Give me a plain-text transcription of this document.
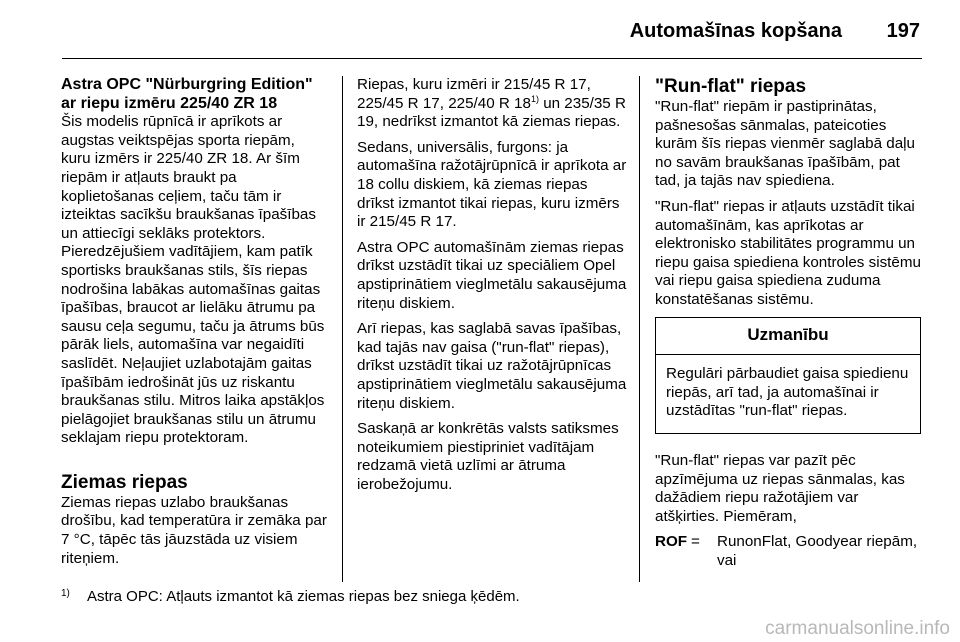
Automašīnas kopšana 197
Astra OPC "Nürburgring Edition" ar riepu izmēru 225/40 ZR 18

Šis modelis rūpnīcā ir aprīkots ar augstas veiktspējas sporta riepām, kuru izmērs ir 225/40 ZR 18. Ar šīm riepām ir atļauts braukt pa koplietošanas ceļiem, taču tām ir izteiktas sacīkšu braukšanas īpašības un attiecīgi seklāks protektors. Pieredzējušiem vadītājiem, kam patīk sportisks braukšanas stils, šīs riepas nodrošina labākas automašīnas gaitas īpašības, braucot ar lielāku ātrumu pa sausu ceļa segumu, taču ja ātrums būs pārāk liels, automašīna var negaidīti saslīdēt. Neļaujiet uzlabotajām gaitas īpašībām iedrošināt jūs uz riskantu braukšanas stilu. Mitros laika apstākļos pielāgojiet braukšanas stilu un ātrumu seklajam riepu protektoram.

Ziemas riepas

Ziemas riepas uzlabo braukšanas drošību, kad temperatūra ir zemāka par 7 °C, tāpēc tās jāuzstāda uz visiem riteņiem.

Riepas, kuru izmēri ir 215/45 R 17, 225/45 R 17, 225/40 R 18$^{1)}$ un 235/35 R 19, nedrīkst izmantot kā ziemas riepas.

Sedans, universālis, furgons: ja automašīna ražotājrūpnīcā ir aprīkota ar 18 collu diskiem, kā ziemas riepas drīkst izmantot tikai riepas, kuru izmērs ir 215/45 R 17.

Astra OPC automašīnām ziemas riepas drīkst uzstādīt tikai uz speciāliem Opel apstiprinātiem vieglmetālu sakausējuma riteņu diskiem.

Arī riepas, kas saglabā savas īpašības, kad tajās nav gaisa ("run-flat" riepas), drīkst uzstādīt tikai uz ražotājrūpnīcas apstiprinātiem vieglmetālu sakausējuma riteņu diskiem.

Saskaņā ar konkrētās valsts satiksmes noteikumiem piestipriniet vadītājam redzamā vietā uzlīmi ar ātruma ierobežojumu.

"Run-flat" riepas

"Run-flat" riepām ir pastiprinātas, pašnesošas sānmalas, pateicoties kurām šīs riepas vienmēr saglabā daļu no savām braukšanas īpašībām, pat tad, ja tajās nav spiediena.

"Run-flat" riepas ir atļauts uzstādīt tikai automašīnām, kas aprīkotas ar elektronisko stabilitātes programmu un riepu gaisa spiediena kontroles sistēmu vai riepu gaisa spiediena zuduma konstatēšanas sistēmu.

Uzmanību

Regulāri pārbaudiet gaisa spiedienu riepās, arī tad, ja automašīnai ir uzstādītas "run-flat" riepas.

"Run-flat" riepas var pazīt pēc apzīmējuma uz riepas sānmalas, kas dažādiem riepu ražotājiem var atšķirties. Piemēram,

ROF =	RunonFlat, Goodyear riepām, vai
1) Astra OPC: Atļauts izmantot kā ziemas riepas bez sniega ķēdēm.
carmanualsonline.info
